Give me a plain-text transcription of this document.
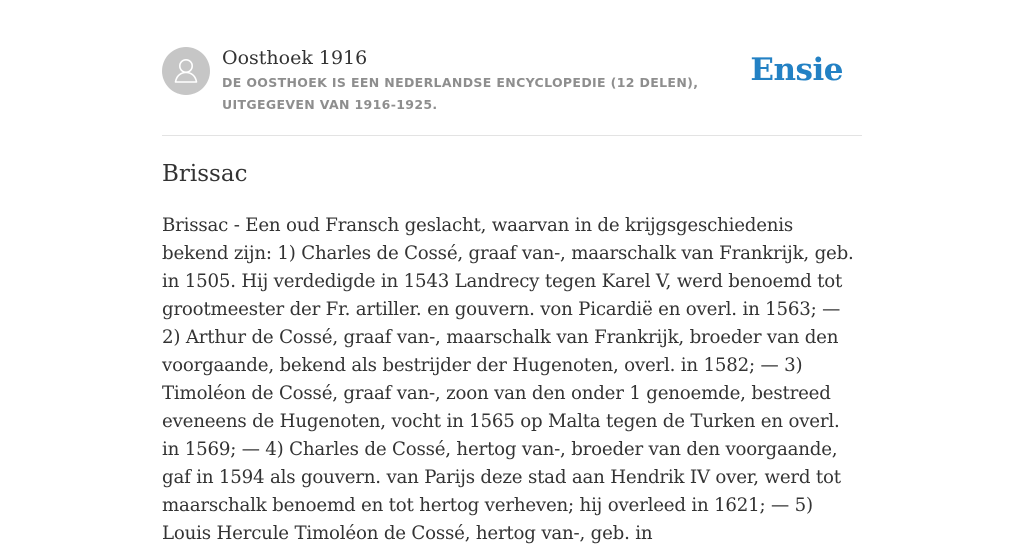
Oosthoek 1916

DE OOSTHOEK IS EEN NEDERLANDSE ENCYCLOPEDIE (12 DELEN), UITGEGEVEN VAN 1916-1925.

Ensie
Brissac

Brissac - Een oud Fransch geslacht, waarvan in de krijgsgeschiedenis bekend zijn: 1) Charles de Cossé, graaf van-, maarschalk van Frankrijk, geb. in 1505. Hij verdedigde in 1543 Landrecy tegen Karel V, werd benoemd tot grootmeester der Fr. artiller. en gouvern. von Picardië en overl. in 1563; — 2) Arthur de Cossé, graaf van-, maarschalk van Frankrijk, broeder van den voorgaande, bekend als bestrijder der Hugenoten, overl. in 1582; — 3) Timoléon de Cossé, graaf van-, zoon van den onder 1 genoemde, bestreed eveneens de Hugenoten, vocht in 1565 op Malta tegen de Turken en overl. in 1569; — 4) Charles de Cossé, hertog van-, broeder van den voorgaande, gaf in 1594 als gouvern. van Parijs deze stad aan Hendrik IV over, werd tot maarschalk benoemd en tot hertog verheven; hij overleed in 1621; — 5) Louis Hercule Timoléon de Cossé, hertog van-, geb. in
